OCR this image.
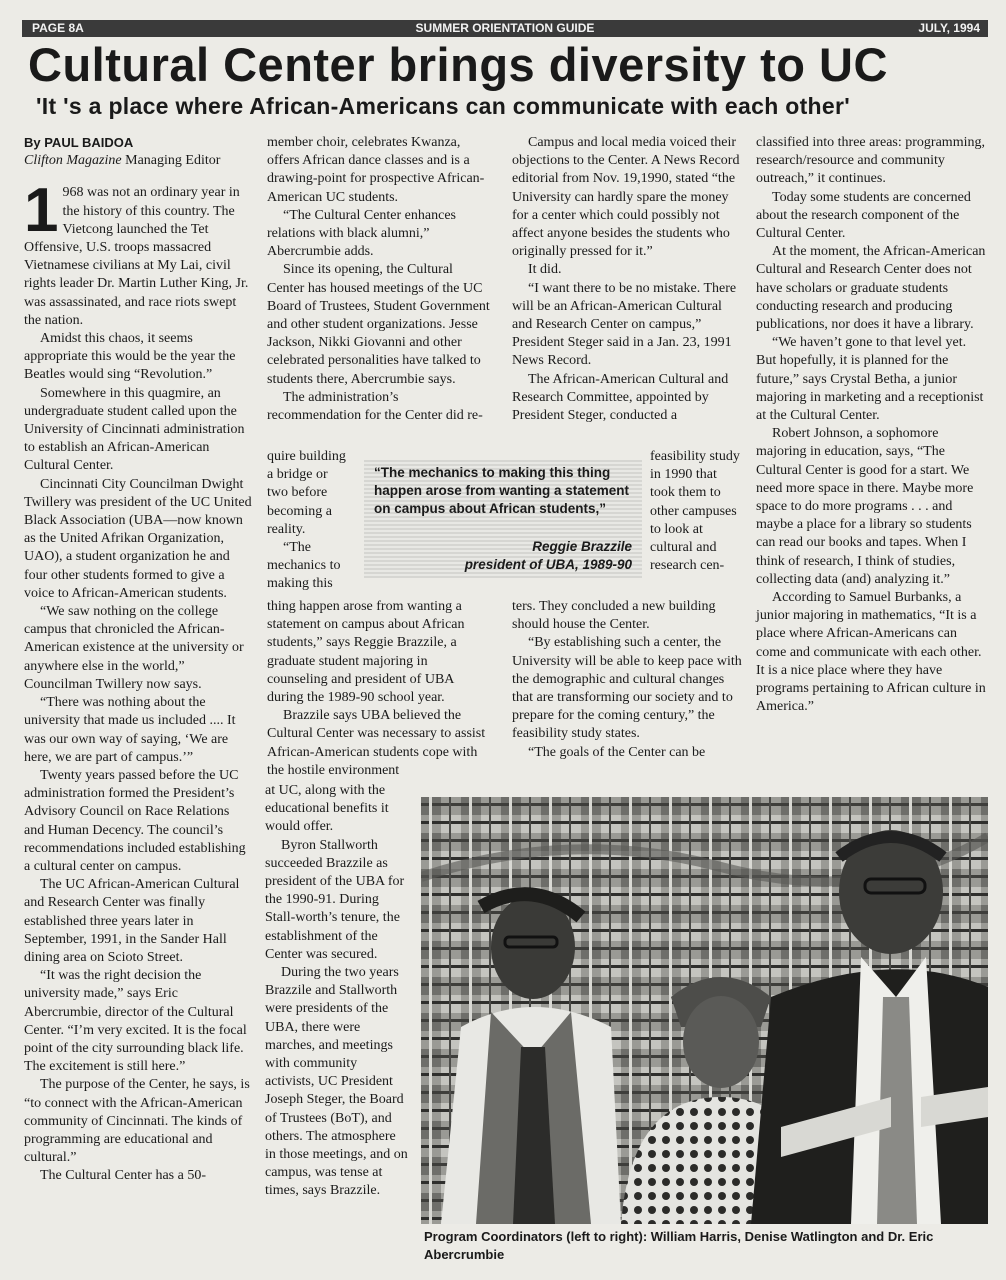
PAGE 8A	SUMMER ORIENTATION GUIDE	JULY, 1994
Cultural Center brings diversity to UC
'It 's a place where African-Americans can communicate with each other'
By PAUL BAIDOA
Clifton Magazine Managing Editor

1 968 was not an ordinary year in the history of this country. The Vietcong launched the Tet Offensive, U.S. troops massacred Vietnamese civilians at My Lai, civil rights leader Dr. Martin Luther King, Jr. was assassinated, and race riots swept the nation.

Amidst this chaos, it seems appropriate this would be the year the Beatles would sing “Revolution.”

Somewhere in this quagmire, an undergraduate student called upon the University of Cincinnati administration to establish an African-American Cultural Center.

Cincinnati City Councilman Dwight Twillery was president of the UC United Black Association (UBA—now known as the United Afrikan Organization, UAO), a student organization he and four other students formed to give a voice to African-American students.

“We saw nothing on the college campus that chronicled the African-American existence at the university or anywhere else in the world,” Councilman Twillery now says.

“There was nothing about the university that made us included .... It was our own way of saying, ‘We are here, we are part of campus.’”

Twenty years passed before the UC administration formed the President’s Advisory Council on Race Relations and Human Decency. The council’s recommendations included establishing a cultural center on campus.

The UC African-American Cultural and Research Center was finally established three years later in September, 1991, in the Sander Hall dining area on Scioto Street.

“It was the right decision the university made,” says Eric Abercrumbie, director of the Cultural Center. “I’m very excited. It is the focal point of the city surrounding black life. The excitement is still here.”

The purpose of the Center, he says, is “to connect with the African-American community of Cincinnati. The kinds of programming are educational and cultural.”

The Cultural Center has a 50-

member choir, celebrates Kwanza, offers African dance classes and is a drawing-point for prospective African-American UC students.

“The Cultural Center enhances relations with black alumni,” Abercrumbie adds.

Since its opening, the Cultural Center has housed meetings of the UC Board of Trustees, Student Government and other student organizations. Jesse Jackson, Nikki Giovanni and other celebrated personalities have talked to students there, Abercrumbie says.

The administration’s recommendation for the Center did re-

quire building a bridge or two before becoming a reality.

“The mechanics to making this

thing happen arose from wanting a statement on campus about African students,” says Reggie Brazzile, a graduate student majoring in counseling and president of UBA during the 1989-90 school year.

Brazzile says UBA believed the Cultural Center was necessary to assist African-American students cope with the hostile environment

at UC, along with the educational benefits it would offer.

Byron Stallworth succeeded Brazzile as president of the UBA for the 1990-91. During Stall-worth’s tenure, the establishment of the Center was secured.

During the two years Brazzile and Stallworth were presidents of the UBA, there were marches, and meetings with community activists, UC President Joseph Steger, the Board of Trustees (BoT), and others. The atmosphere in those meetings, and on campus, was tense at times, says Brazzile.

Campus and local media voiced their objections to the Center. A News Record editorial from Nov. 19,1990, stated “the University can hardly spare the money for a center which could possibly not affect anyone besides the students who originally pressed for it.”

It did.

“I want there to be no mistake. There will be an African-American Cultural and Research Center on campus,” President Steger said in a Jan. 23, 1991 News Record.

The African-American Cultural and Research Committee, appointed by President Steger, conducted a

feasibility study in 1990 that took them to other campuses to look at cultural and research cen-

ters. They concluded a new building should house the Center.

“By establishing such a center, the University will be able to keep pace with the demographic and cultural changes that are transforming our society and to prepare for the coming century,” the feasibility study states.

“The goals of the Center can be

classified into three areas: programming, research/resource and community outreach,” it continues.

Today some students are concerned about the research component of the Cultural Center.

At the moment, the African-American Cultural and Research Center does not have scholars or graduate students conducting research and producing publications, nor does it have a library.

“We haven’t gone to that level yet. But hopefully, it is planned for the future,” says Crystal Betha, a junior majoring in marketing and a receptionist at the Cultural Center.

Robert Johnson, a sophomore majoring in education, says, “The Cultural Center is good for a start. We need more space in there. Maybe more space to do more programs . . . and maybe a place for a library so students can read our books and tapes. When I think of research, I think of studies, collecting data (and) analyzing it.”

According to Samuel Burbanks, a junior majoring in mathematics, “It is a place where African-Americans can come and communicate with each other. It is a nice place where they have programs pertaining to African culture in America.”

“The mechanics to making this thing happen arose from wanting a statement on campus about African students,”
Reggie Brazzile
president of UBA, 1989-90
Program Coordinators (left to right): William Harris, Denise Watlington and Dr. Eric Abercrumbie
